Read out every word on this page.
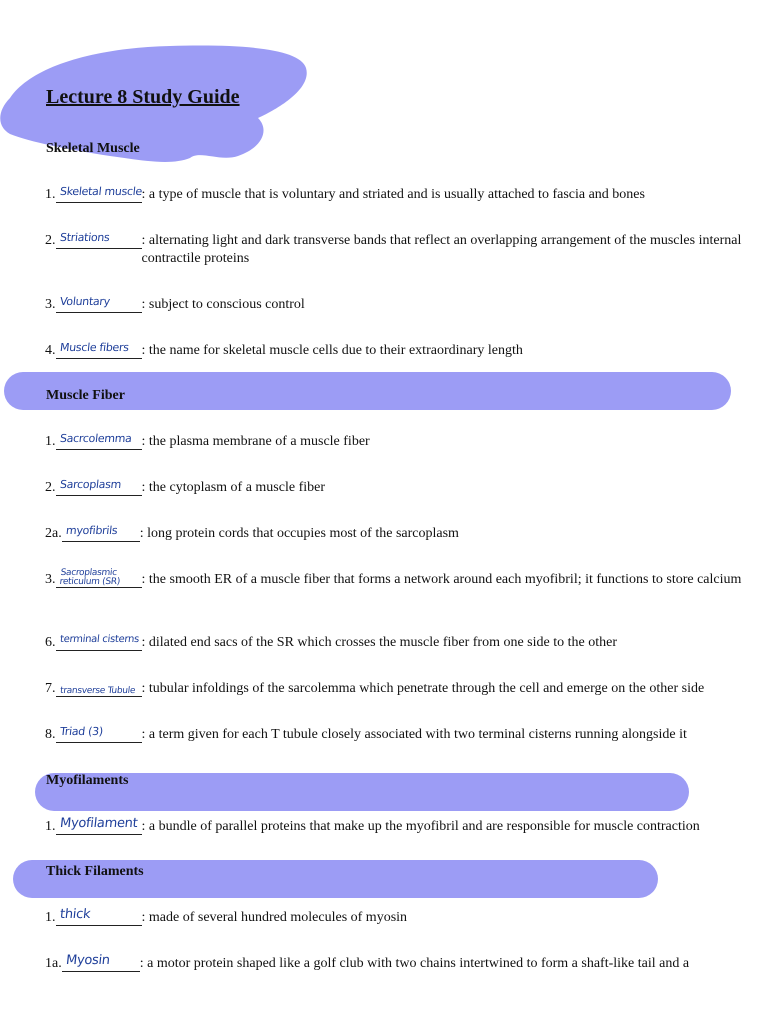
Lecture 8 Study Guide
Skeletal Muscle
1. Skeletal muscle : a type of muscle that is voluntary and striated and is usually attached to fascia and bones
2. Striations : alternating light and dark transverse bands that reflect an overlapping arrangement of the muscles internal contractile proteins
3. Voluntary : subject to conscious control
4. Muscle fibers : the name for skeletal muscle cells due to their extraordinary length
Muscle Fiber
1. Sacrcolemma : the plasma membrane of a muscle fiber
2. Sarcoplasm : the cytoplasm of a muscle fiber
2a. myofibrils : long protein cords that occupies most of the sarcoplasm
3. Sacroplasmic reticulum (SR)	: the smooth ER of a muscle fiber that forms a network around each myofibril; it functions to store calcium
6. terminal cisterns : dilated end sacs of the SR which crosses the muscle fiber from one side to the other
7. transverse Tubule : tubular infoldings of the sarcolemma which penetrate through the cell and emerge on the other side
8. Triad (3)	: a term given for each T tubule closely associated with two terminal cisterns running alongside it
Myofilaments
1. Myofilament : a bundle of parallel proteins that make up the myofibril and are responsible for muscle contraction
Thick Filaments
1. thick	: made of several hundred molecules of myosin
1a. Myosin : a motor protein shaped like a golf club with two chains intertwined to form a shaft-like tail and a
